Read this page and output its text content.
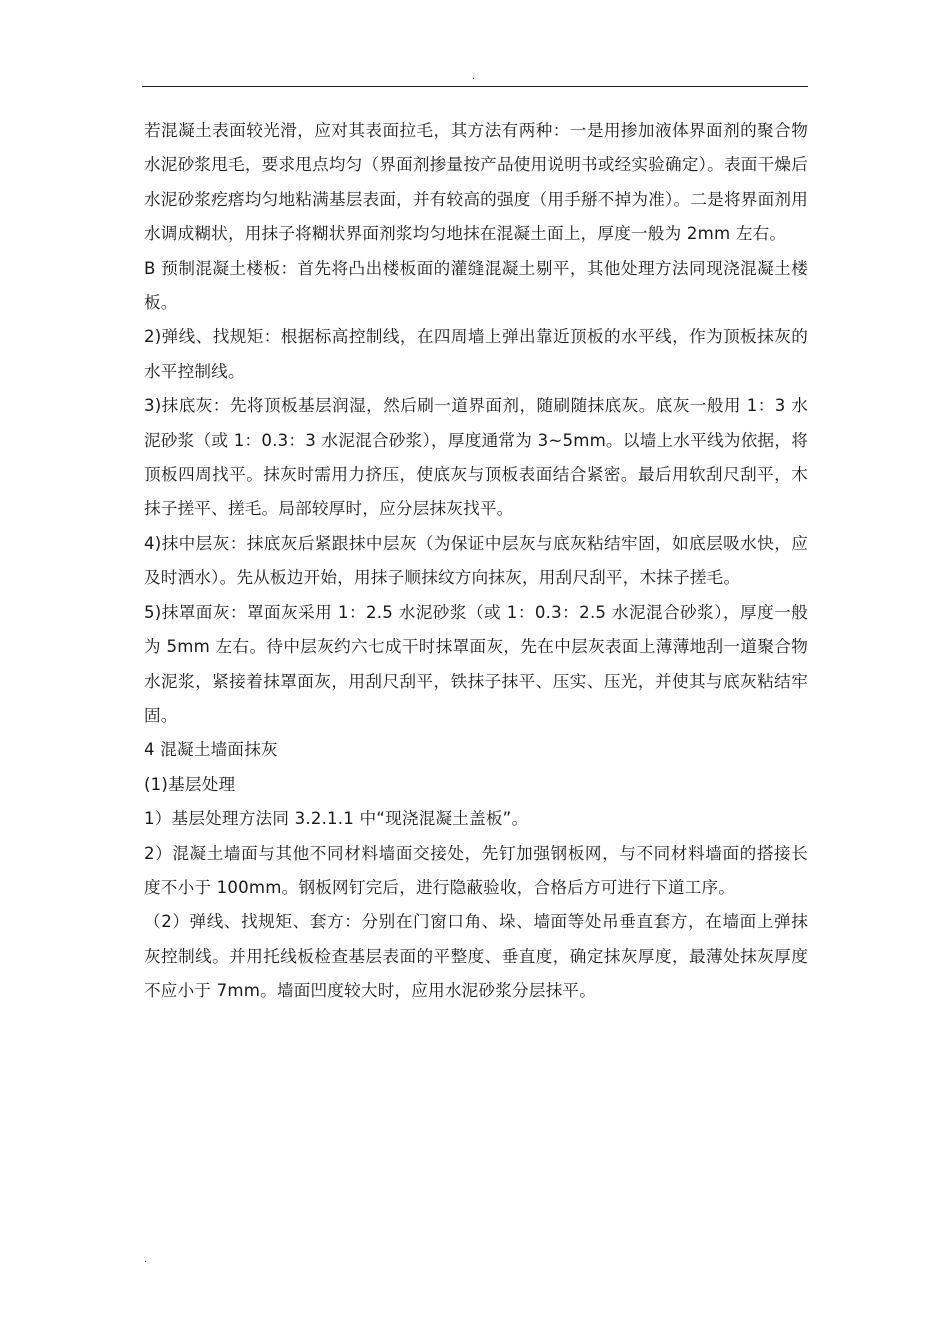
.

若混凝土表面较光滑，应对其表面拉毛，其方法有两种：一是用掺加液体界面剂的聚合物水泥砂浆甩毛，要求甩点均匀（界面剂掺量按产品使用说明书或经实验确定）。表面干燥后水泥砂浆疙瘩均匀地粘满基层表面，并有较高的强度（用手掰不掉为准）。二是将界面剂用水调成糊状，用抹子将糊状界面剂浆均匀地抹在混凝土面上，厚度一般为 2mm 左右。

B 预制混凝土楼板：首先将凸出楼板面的灌缝混凝土剔平，其他处理方法同现浇混凝土楼板。

2)弹线、找规矩：根据标高控制线，在四周墙上弹出靠近顶板的水平线，作为顶板抹灰的水平控制线。

3)抹底灰：先将顶板基层润湿，然后刷一道界面剂，随刷随抹底灰。底灰一般用 1：3 水泥砂浆（或 1：0.3：3 水泥混合砂浆），厚度通常为 3~5mm。以墙上水平线为依据，将顶板四周找平。抹灰时需用力挤压，使底灰与顶板表面结合紧密。最后用软刮尺刮平，木抹子搓平、搓毛。局部较厚时，应分层抹灰找平。

4)抹中层灰：抹底灰后紧跟抹中层灰（为保证中层灰与底灰粘结牢固，如底层吸水快，应及时洒水）。先从板边开始，用抹子顺抹纹方向抹灰，用刮尺刮平，木抹子搓毛。

5)抹罩面灰：罩面灰采用 1：2.5 水泥砂浆（或 1：0.3：2.5 水泥混合砂浆），厚度一般为 5mm 左右。待中层灰约六七成干时抹罩面灰，先在中层灰表面上薄薄地刮一道聚合物水泥浆，紧接着抹罩面灰，用刮尺刮平，铁抹子抹平、压实、压光，并使其与底灰粘结牢固。

4 混凝土墙面抹灰

(1)基层处理

1）基层处理方法同 3.2.1.1 中“现浇混凝土盖板”。

2）混凝土墙面与其他不同材料墙面交接处，先钉加强钢板网，与不同材料墙面的搭接长度不小于 100mm。钢板网钉完后，进行隐蔽验收，合格后方可进行下道工序。

（2）弹线、找规矩、套方：分别在门窗口角、垛、墙面等处吊垂直套方，在墙面上弹抹灰控制线。并用托线板检查基层表面的平整度、垂直度，确定抹灰厚度，最薄处抹灰厚度不应小于 7mm。墙面凹度较大时，应用水泥砂浆分层抹平。

.
